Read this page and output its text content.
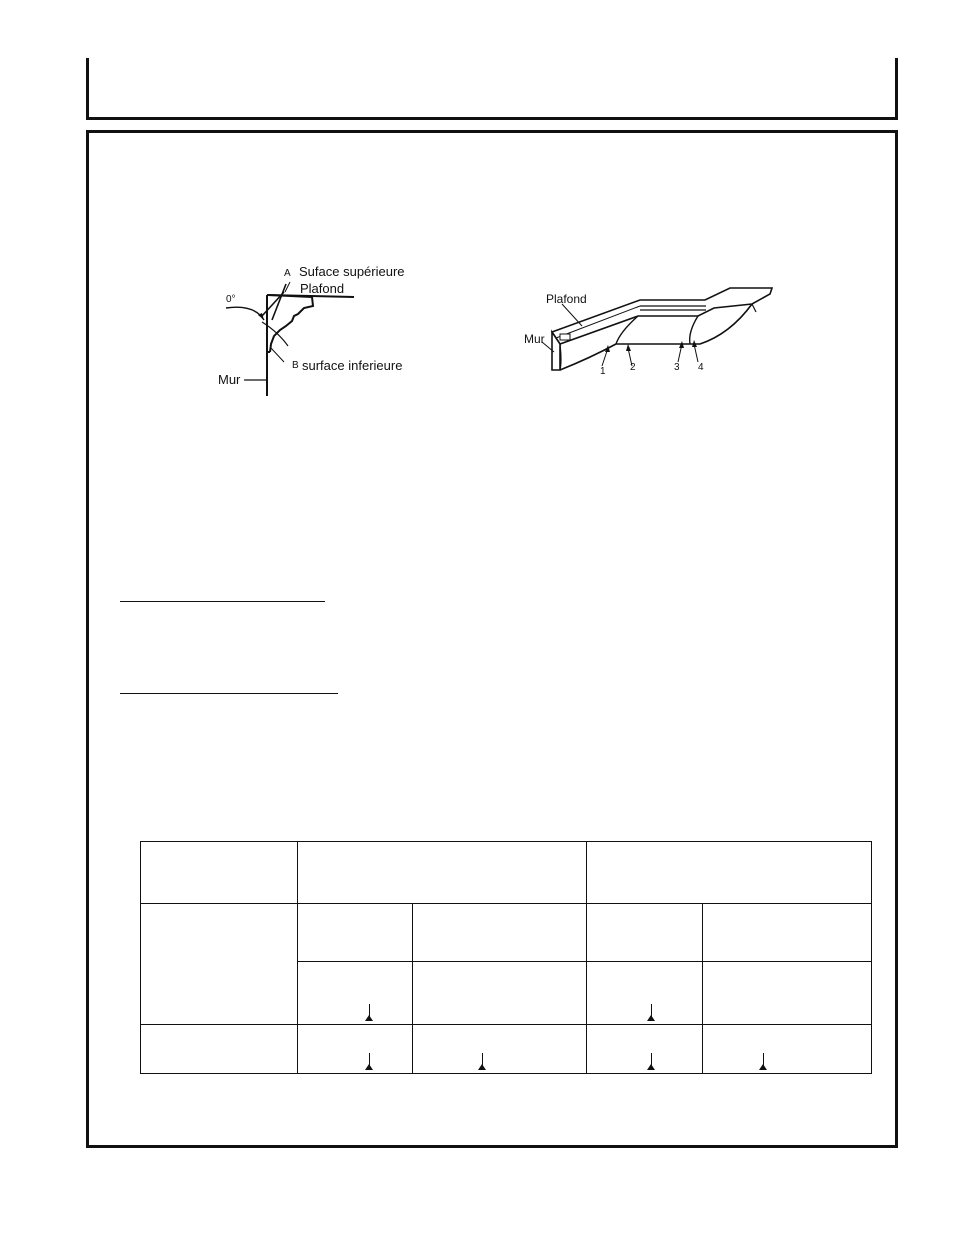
A Suface supérieure
Plafond
0°
B surface inferieure
Mur
Plafond
Mur
1 2	3 4
